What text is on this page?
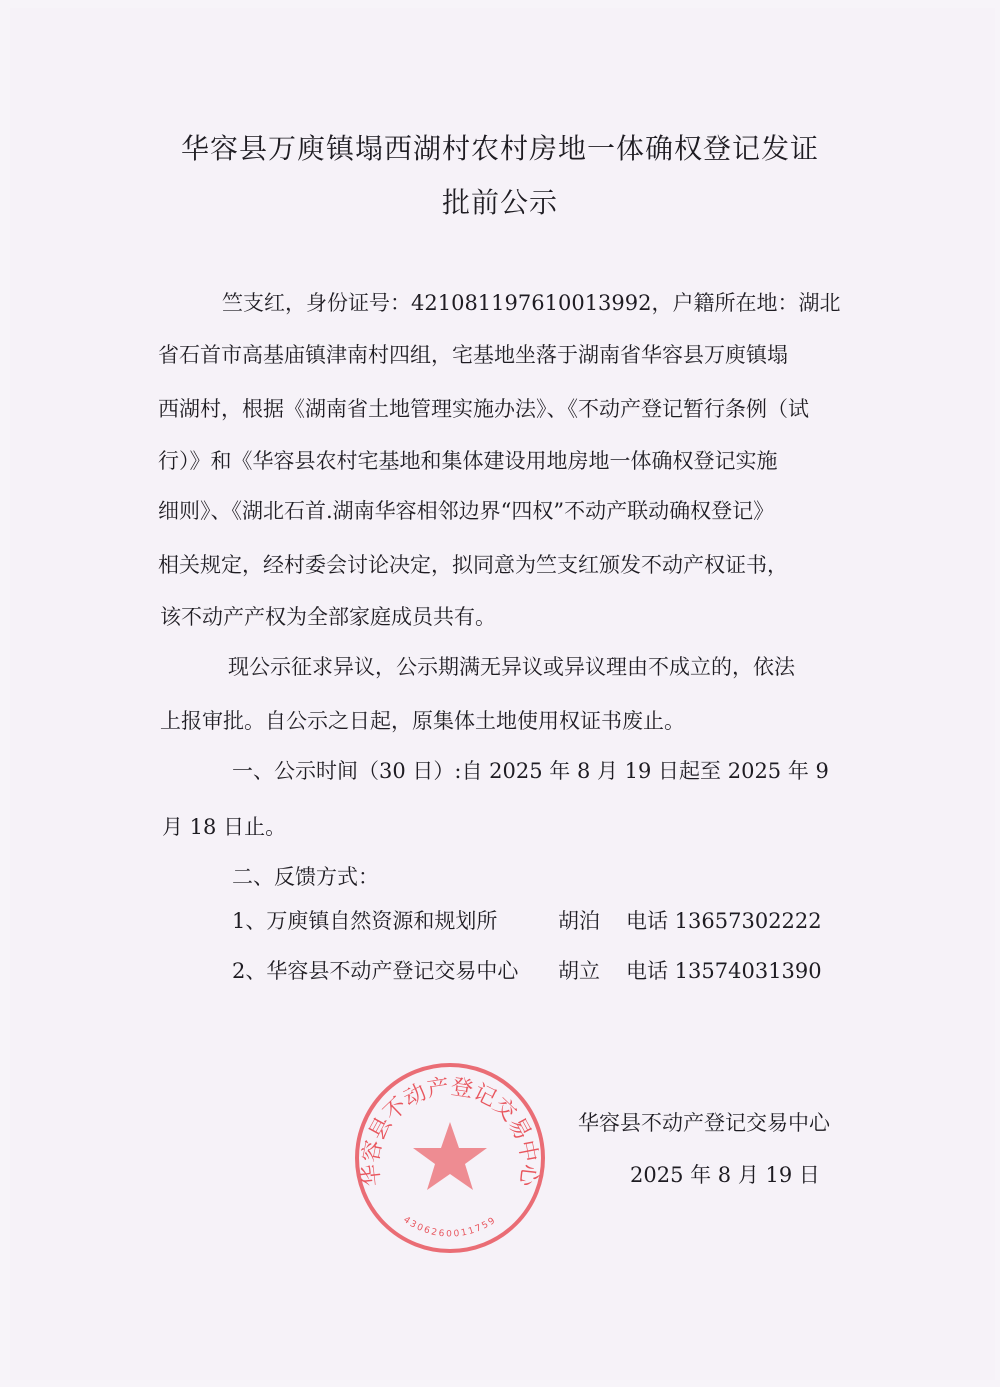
华容县万庾镇塌西湖村农村房地一体确权登记发证
批前公示
竺支红，身份证号：421081197610013992，户籍所在地：湖北
省石首市高基庙镇津南村四组，宅基地坐落于湖南省华容县万庾镇塌
西湖村，根据《湖南省土地管理实施办法》、《不动产登记暂行条例（试
行）》和《华容县农村宅基地和集体建设用地房地一体确权登记实施
细则》、《湖北石首.湖南华容相邻边界“四权”不动产联动确权登记》
相关规定，经村委会讨论决定，拟同意为竺支红颁发不动产权证书，
该不动产产权为全部家庭成员共有。
现公示征求异议，公示期满无异议或异议理由不成立的，依法
上报审批。自公示之日起，原集体土地使用权证书废止。
一、公示时间（30 日）:自 2025 年 8 月 19 日起至 2025 年 9
月 18 日止。
二、反馈方式：
1、万庾镇自然资源和规划所	胡泊 电话 13657302222
2、华容县不动产登记交易中心	胡立 电话 13574031390
华容县不动产登记交易中心
4306260011759
华容县不动产登记交易中心
2025 年 8 月 19 日
